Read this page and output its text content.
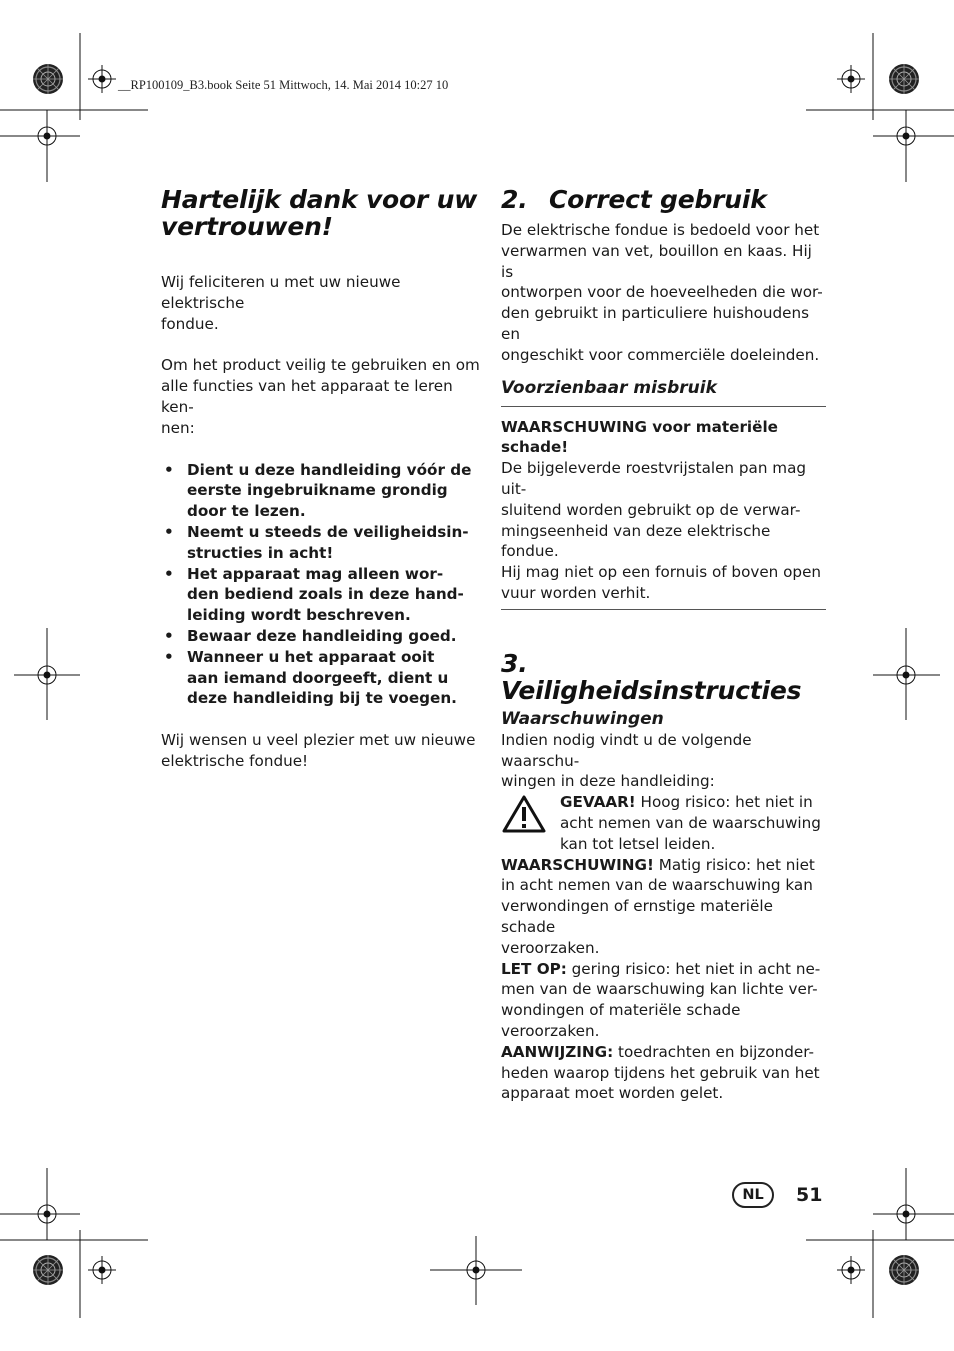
__RP100109_B3.book Seite 51 Mittwoch, 14. Mai 2014 10:27 10
Hartelijk dank voor uw
vertrouwen!

Wij feliciteren u met uw nieuwe elektrische
fondue.

Om het product veilig te gebruiken en om
alle functies van het apparaat te leren ken-
nen:

• Dient u deze handleiding vóór de
eerste ingebruikname grondig
door te lezen.
• Neemt u steeds de veiligheidsin-
structies in acht!
• Het apparaat mag alleen wor-
den bediend zoals in deze hand-
leiding wordt beschreven.
• Bewaar deze handleiding goed.
• Wanneer u het apparaat ooit
aan iemand doorgeeft, dient u
deze handleiding bij te voegen.

Wij wensen u veel plezier met uw nieuwe
elektrische fondue!

2. Correct gebruik

De elektrische fondue is bedoeld voor het
verwarmen van vet, bouillon en kaas. Hij is
ontworpen voor de hoeveelheden die wor-
den gebruikt in particuliere huishoudens en
ongeschikt voor commerciële doeleinden.

Voorzienbaar misbruik

WAARSCHUWING voor materiële
schade!

De bijgeleverde roestvrijstalen pan mag uit-
sluitend worden gebruikt op de verwar-
mingseenheid van deze elektrische fondue.
Hij mag niet op een fornuis of boven open
vuur worden verhit.

3.Veiligheidsinstructies
Waarschuwingen

Indien nodig vindt u de volgende waarschu-
wingen in deze handleiding:

GEVAAR! Hoog risico: het niet in
acht nemen van de waarschuwing
kan tot letsel leiden.

WAARSCHUWING! Matig risico: het niet
in acht nemen van de waarschuwing kan
verwondingen of ernstige materiële schade
veroorzaken.

LET OP: gering risico: het niet in acht ne-
men van de waarschuwing kan lichte ver-
wondingen of materiële schade
veroorzaken.

AANWIJZING: toedrachten en bijzonder-
heden waarop tijdens het gebruik van het
apparaat moet worden gelet.

NL	51
